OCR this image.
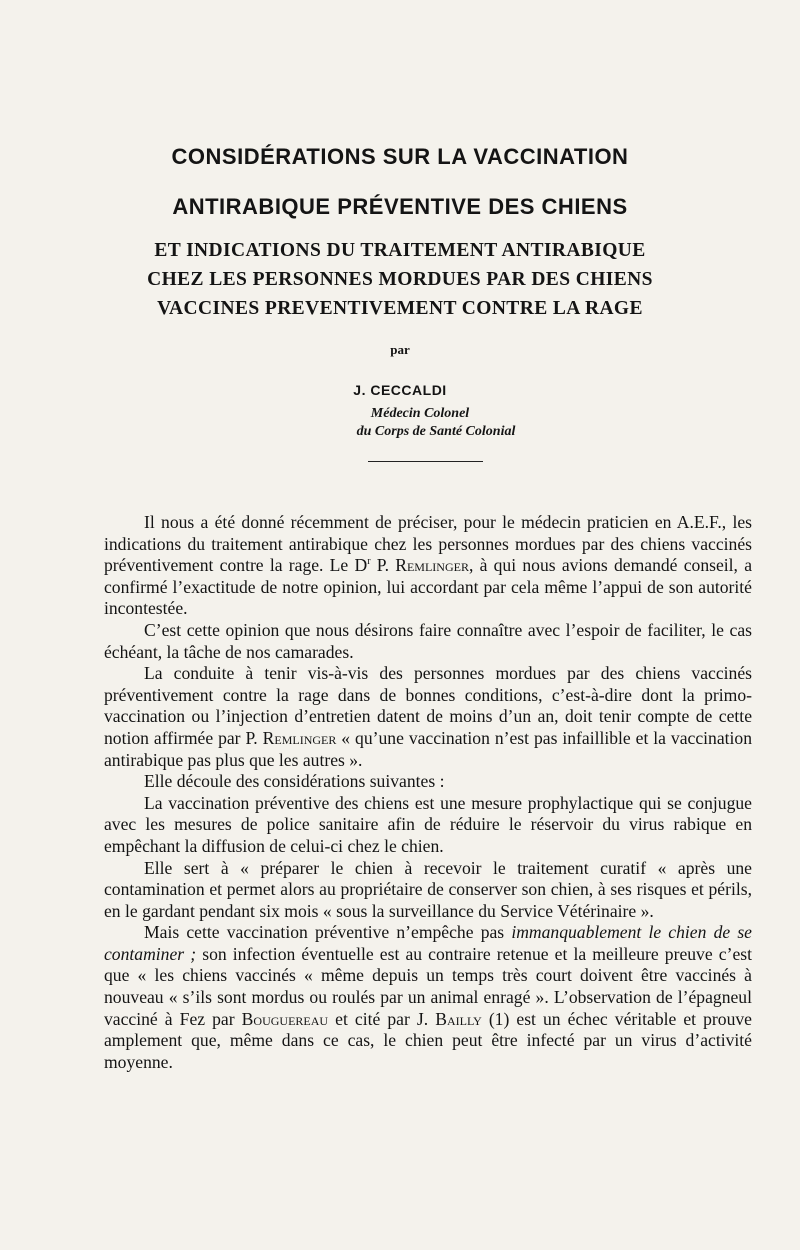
CONSIDÉRATIONS SUR LA VACCINATION
ANTIRABIQUE PRÉVENTIVE DES CHIENS
ET INDICATIONS DU TRAITEMENT ANTIRABIQUE
CHEZ LES PERSONNES MORDUES PAR DES CHIENS
VACCINES PREVENTIVEMENT CONTRE LA RAGE

par

J. CECCALDI

Médecin Colonel

du Corps de Santé Colonial

Il nous a été donné récemment de préciser, pour le médecin praticien en A.E.F., les indications du traitement antirabique chez les personnes mordues par des chiens vaccinés préventivement contre la rage. Le $D^r$ P. Remlinger, à qui nous avions demandé conseil, a confirmé l’exactitude de notre opinion, lui accordant par cela même l’appui de son autorité incontestée.

C’est cette opinion que nous désirons faire connaître avec l’espoir de faciliter, le cas échéant, la tâche de nos camarades.

La conduite à tenir vis-à-vis des personnes mordues par des chiens vaccinés préventivement contre la rage dans de bonnes conditions, c’est-à-dire dont la primo-vaccination ou l’injection d’entretien datent de moins d’un an, doit tenir compte de cette notion affirmée par P. Remlinger « qu’une vaccination n’est pas infaillible et la vaccination antirabique pas plus que les autres ».

Elle découle des considérations suivantes :

La vaccination préventive des chiens est une mesure prophylactique qui se conjugue avec les mesures de police sanitaire afin de réduire le réservoir du virus rabique en empêchant la diffusion de celui-ci chez le chien.

Elle sert à « préparer le chien à recevoir le traitement curatif « après une contamination et permet alors au propriétaire de conserver son chien, à ses risques et périls, en le gardant pendant six mois « sous la surveillance du Service Vétérinaire ».

Mais cette vaccination préventive n’empêche pas immanquablement le chien de se contaminer ; son infection éventuelle est au contraire retenue et la meilleure preuve c’est que « les chiens vaccinés « même depuis un temps très court doivent être vaccinés à nouveau « s’ils sont mordus ou roulés par un animal enragé ». L’observation de l’épagneul vacciné à Fez par Bouguereau et cité par J. Bailly (1) est un échec véritable et prouve amplement que, même dans ce cas, le chien peut être infecté par un virus d’activité moyenne.
